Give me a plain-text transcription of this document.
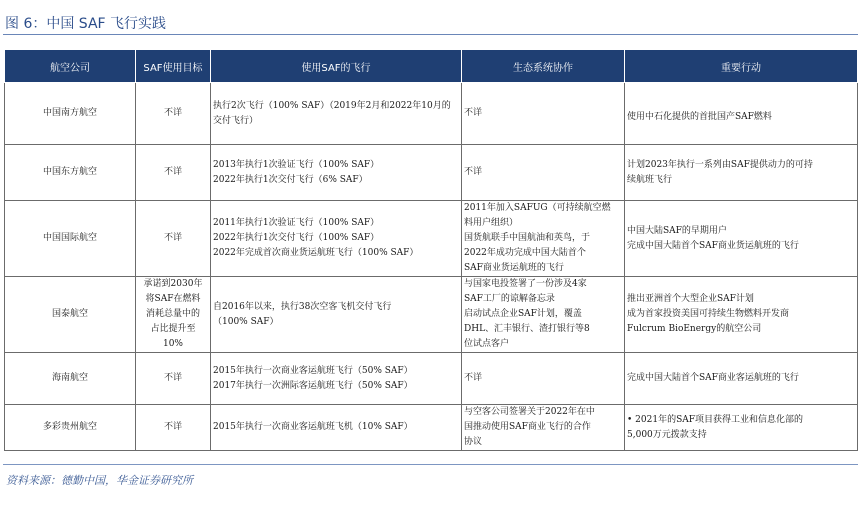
图 6：中国 SAF 飞行实践
航空公司	SAF使用目标	使用SAF的飞行	生态系统协作	重要行动
中国南方航空	不详	执行2次飞行（100% SAF）（2019年2月和2022年10月的
交付飞行）	不详	使用中石化提供的首批国产SAF燃料

中国东方航空	不详	2013年执行1次验证飞行（100% SAF）
2022年执行1次交付飞行（6% SAF）	不详	计划2023年执行一系列由SAF提供动力的可持
续航班飞行

中国国际航空	不详	2011年执行1次验证飞行（100% SAF）
2022年执行1次交付飞行（100% SAF）
2022年完成首次商业货运航班飞行（100% SAF）	2011年加入SAFUG（可持续航空燃
料用户组织）
国货航联手中国航油和英鸟，于
2022年成功完成中国大陆首个
SAF商业货运航班的飞行	中国大陆SAF的早期用户
完成中国大陆首个SAF商业货运航班的飞行

国泰航空	承诺到2030年
将SAF在燃料
消耗总量中的
占比提升至
10%	自2016年以来，执行38次空客飞机交付飞行
（100% SAF）	与国家电投签署了一份涉及4家
SAF工厂的谅解备忘录
启动试点企业SAF计划，覆盖
DHL、汇丰银行、渣打银行等8
位试点客户	推出亚洲首个大型企业SAF计划
成为首家投资美国可持续生物燃料开发商
Fulcrum BioEnergy的航空公司

海南航空	不详	2015年执行一次商业客运航班飞行（50% SAF）
2017年执行一次洲际客运航班飞行（50% SAF）	不详	完成中国大陆首个SAF商业客运航班的飞行

多彩贵州航空	不详	2015年执行一次商业客运航班飞机（10% SAF）	与空客公司签署关于2022年在中
国推动使用SAF商业飞行的合作
协议	• 2021年的SAF项目获得工业和信息化部的
5,000万元拨款支持
资料来源：德勤中国，华金证券研究所
